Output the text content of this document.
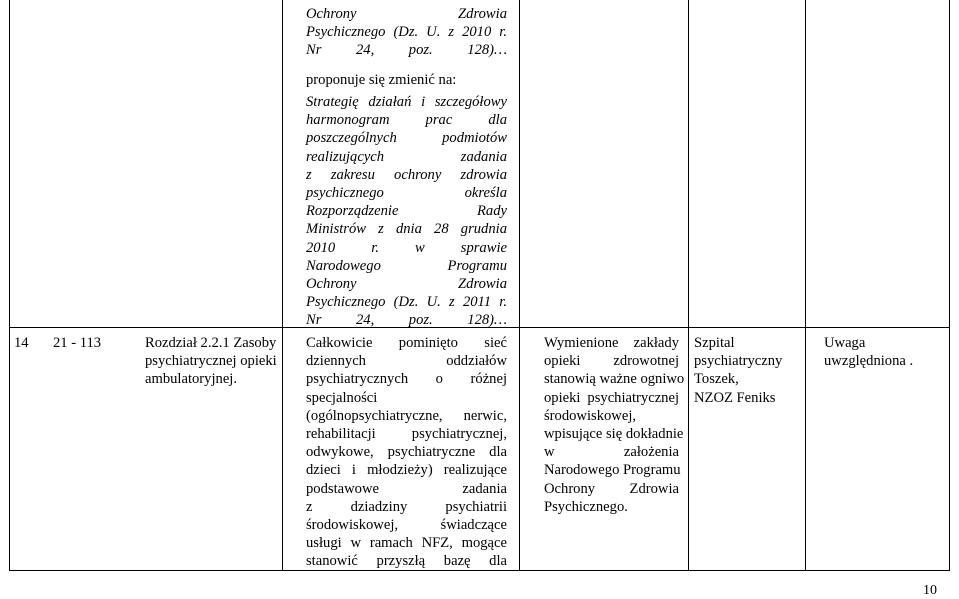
Ochrony Zdrowia
Psychicznego (Dz. U. z 2010 r.
Nr 24, poz. 128)…
proponuje się zmienić na:
Strategię działań i szczegółowy
harmonogram prac dla
poszczególnych podmiotów
realizujących zadania
z zakresu ochrony zdrowia
psychicznego określa
Rozporządzenie Rady
Ministrów z dnia 28 grudnia
2010 r. w sprawie
Narodowego Programu
Ochrony Zdrowia
Psychicznego (Dz. U. z 2011 r.
Nr 24, poz. 128)…
14 21 - 113	Rozdział 2.2.1 Zasoby
psychiatrycznej opieki
ambulatoryjnej.
Całkowicie pominięto sieć
dziennych oddziałów
psychiatrycznych o różnej
specjalności
(ogólnopsychiatryczne, nerwic,
rehabilitacji psychiatrycznej,
odwykowe, psychiatryczne dla
dzieci i młodzieży) realizujące
podstawowe zadania
z dziadziny psychiatrii
środowiskowej, świadczące
usługi w ramach NFZ, mogące
stanowić przyszłą bazę dla
Wymienione zakłady
opieki zdrowotnej
stanowią ważne ogniwo
opieki psychiatrycznej
środowiskowej,
wpisujące się dokładnie
w założenia
Narodowego Programu
Ochrony Zdrowia
Psychicznego.
Szpital
psychiatryczny
Toszek,
NZOZ Feniks
Uwaga
uwzględniona .
10
